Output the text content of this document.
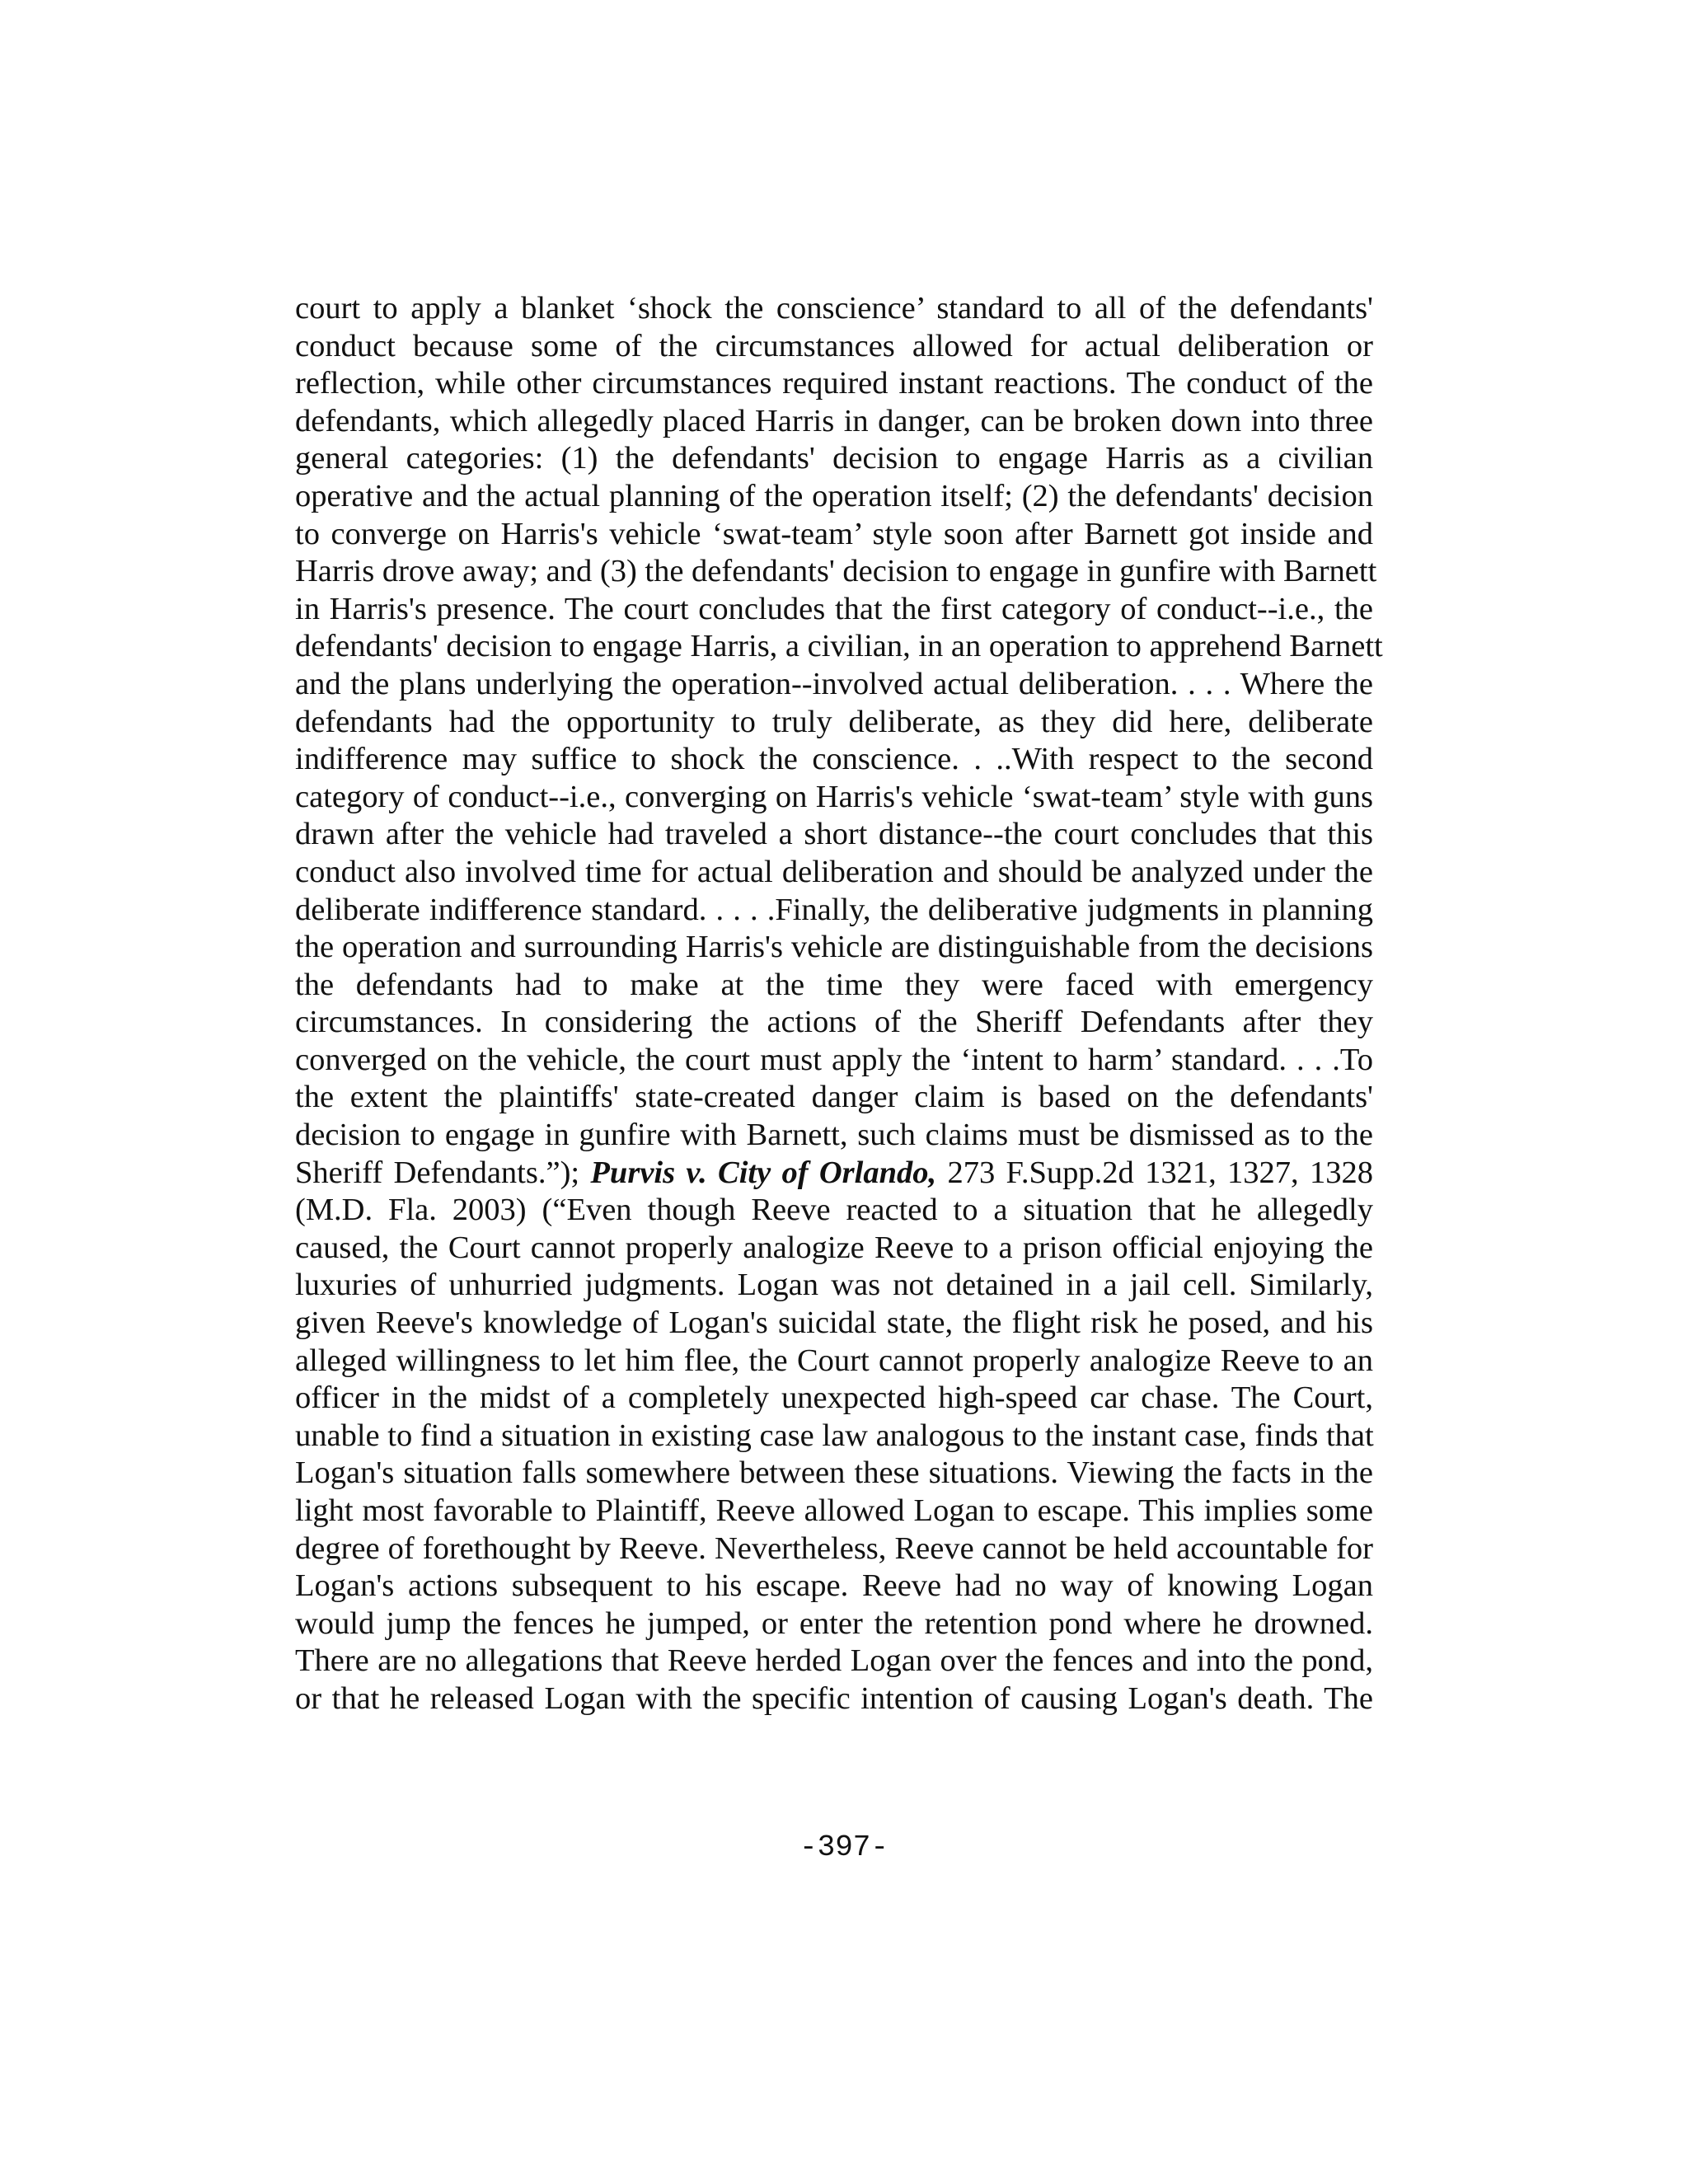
court to apply a blanket ‘shock the conscience’ standard to all of the defendants'
conduct because some of the circumstances allowed for actual deliberation or
reflection, while other circumstances required instant reactions. The conduct of the
defendants, which allegedly placed Harris in danger, can be broken down into three
general categories: (1) the defendants' decision to engage Harris as a civilian
operative and the actual planning of the operation itself; (2) the defendants' decision
to converge on Harris's vehicle ‘swat-team’ style soon after Barnett got inside and
Harris drove away; and (3) the defendants' decision to engage in gunfire with Barnett
in Harris's presence. The court concludes that the first category of conduct--i.e., the
defendants' decision to engage Harris, a civilian, in an operation to apprehend Barnett
and the plans underlying the operation--involved actual deliberation. . . . Where the
defendants had the opportunity to truly deliberate, as they did here, deliberate
indifference may suffice to shock the conscience. . ..With respect to the second
category of conduct--i.e., converging on Harris's vehicle ‘swat-team’ style with guns
drawn after the vehicle had traveled a short distance--the court concludes that this
conduct also involved time for actual deliberation and should be analyzed under the
deliberate indifference standard. . . . .Finally, the deliberative judgments in planning
the operation and surrounding Harris's vehicle are distinguishable from the decisions
the defendants had to make at the time they were faced with emergency
circumstances. In considering the actions of the Sheriff Defendants after they
converged on the vehicle, the court must apply the ‘intent to harm’ standard. . . .To
the extent the plaintiffs' state-created danger claim is based on the defendants'
decision to engage in gunfire with Barnett, such claims must be dismissed as to the
Sheriff Defendants.”); Purvis v. City of Orlando, 273 F.Supp.2d 1321, 1327, 1328
(M.D. Fla. 2003) (“Even though Reeve reacted to a situation that he allegedly
caused, the Court cannot properly analogize Reeve to a prison official enjoying the
luxuries of unhurried judgments. Logan was not detained in a jail cell. Similarly,
given Reeve's knowledge of Logan's suicidal state, the flight risk he posed, and his
alleged willingness to let him flee, the Court cannot properly analogize Reeve to an
officer in the midst of a completely unexpected high-speed car chase. The Court,
unable to find a situation in existing case law analogous to the instant case, finds that
Logan's situation falls somewhere between these situations. Viewing the facts in the
light most favorable to Plaintiff, Reeve allowed Logan to escape. This implies some
degree of forethought by Reeve. Nevertheless, Reeve cannot be held accountable for
Logan's actions subsequent to his escape. Reeve had no way of knowing Logan
would jump the fences he jumped, or enter the retention pond where he drowned.
There are no allegations that Reeve herded Logan over the fences and into the pond,
or that he released Logan with the specific intention of causing Logan's death. The
-397-
